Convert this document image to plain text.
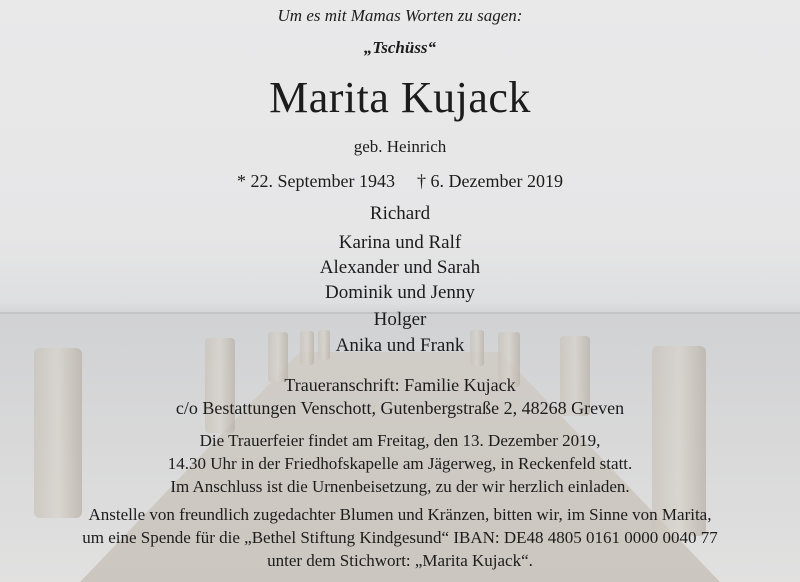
Um es mit Mamas Worten zu sagen:
„Tschüss“
Marita Kujack
geb. Heinrich
* 22. September 1943 † 6. Dezember 2019
Richard
Karina und Ralf
Alexander und Sarah
Dominik und Jenny
Holger
Anika und Frank
Traueranschrift: Familie Kujack
c/o Bestattungen Venschott, Gutenbergstraße 2, 48268 Greven
Die Trauerfeier findet am Freitag, den 13. Dezember 2019,
14.30 Uhr in der Friedhofskapelle am Jägerweg, in Reckenfeld statt.
Im Anschluss ist die Urnenbeisetzung, zu der wir herzlich einladen.
Anstelle von freundlich zugedachter Blumen und Kränzen, bitten wir, im Sinne von Marita,
um eine Spende für die „Bethel Stiftung Kindgesund“ IBAN: DE48 4805 0161 0000 0040 77
unter dem Stichwort: „Marita Kujack“.
